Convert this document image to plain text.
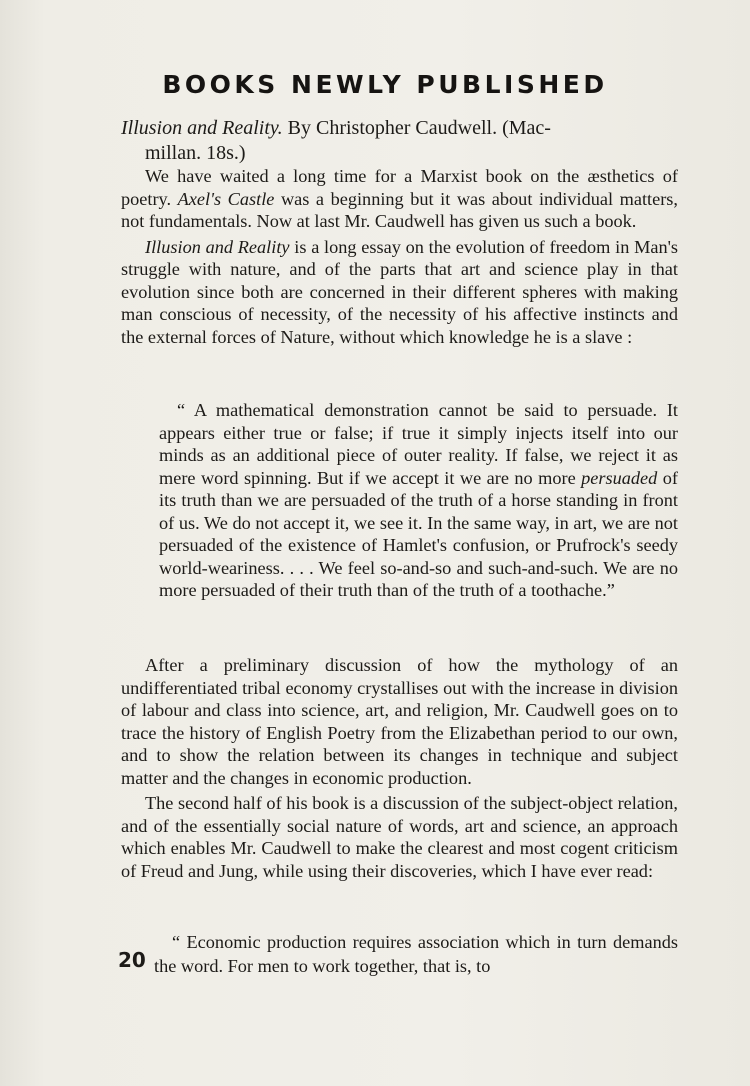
BOOKS NEWLY PUBLISHED
Illusion and Reality. By Christopher Caudwell. (Mac-
millan. 18s.)

We have waited a long time for a Marxist book on the æsthetics of poetry. Axel's Castle was a beginning but it was about individual matters, not fundamentals. Now at last Mr. Caudwell has given us such a book.

Illusion and Reality is a long essay on the evolution of freedom in Man's struggle with nature, and of the parts that art and science play in that evolution since both are concerned in their different spheres with making man conscious of necessity, of the necessity of his affective instincts and the external forces of Nature, without which knowledge he is a slave :

“ A mathematical demonstration cannot be said to persuade. It appears either true or false; if true it simply injects itself into our minds as an additional piece of outer reality. If false, we reject it as mere word spinning. But if we accept it we are no more persuaded of its truth than we are persuaded of the truth of a horse standing in front of us. We do not accept it, we see it. In the same way, in art, we are not persuaded of the existence of Hamlet's confusion, or Prufrock's seedy world-weariness. . . . We feel so-and-so and such-and-such. We are no more persuaded of their truth than of the truth of a toothache.”

After a preliminary discussion of how the mythology of an undifferentiated tribal economy crystallises out with the increase in division of labour and class into science, art, and religion, Mr. Caudwell goes on to trace the history of English Poetry from the Elizabethan period to our own, and to show the relation between its changes in technique and subject matter and the changes in economic production.

The second half of his book is a discussion of the subject-object relation, and of the essentially social nature of words, art and science, an approach which enables Mr. Caudwell to make the clearest and most cogent criticism of Freud and Jung, while using their discoveries, which I have ever read:

“ Economic production requires association which in turn demands the word. For men to work together, that is, to

20
